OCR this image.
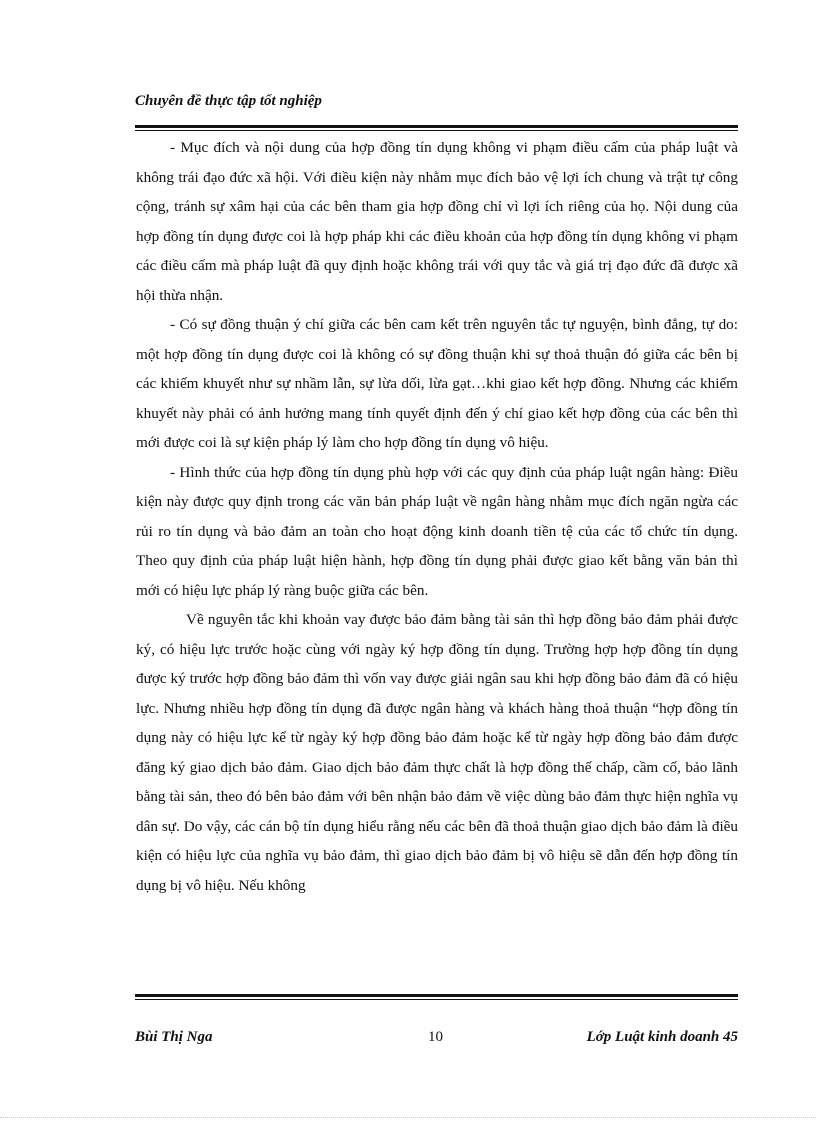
Chuyên đề thực tập tốt nghiệp

- Mục đích và nội dung của hợp đồng tín dụng không vi phạm điều cấm của pháp luật và không trái đạo đức xã hội. Với điều kiện này nhằm mục đích bảo vệ lợi ích chung và trật tự công cộng, tránh sự xâm hại của các bên tham gia hợp đồng chỉ vì lợi ích riêng của họ. Nội dung của hợp đồng tín dụng được coi là hợp pháp khi các điều khoản của hợp đồng tín dụng không vi phạm các điều cấm mà pháp luật đã quy định hoặc không trái với quy tắc và giá trị đạo đức đã được xã hội thừa nhận.

- Có sự đồng thuận ý chí giữa các bên cam kết trên nguyên tắc tự nguyện, bình đẳng, tự do: một hợp đồng tín dụng được coi là không có sự đồng thuận khi sự thoả thuận đó giữa các bên bị các khiếm khuyết như sự nhầm lẫn, sự lừa dối, lừa gạt…khi giao kết hợp đồng. Nhưng các khiếm khuyết này phải có ảnh hưởng mang tính quyết định đến ý chí giao kết hợp đồng của các bên thì mới được coi là sự kiện pháp lý làm cho hợp đồng tín dụng vô hiệu.

- Hình thức của hợp đồng tín dụng phù hợp với các quy định của pháp luật ngân hàng: Điều kiện này được quy định trong các văn bản pháp luật về ngân hàng nhằm mục đích ngăn ngừa các rủi ro tín dụng và bảo đảm an toàn cho hoạt động kinh doanh tiền tệ của các tổ chức tín dụng. Theo quy định của pháp luật hiện hành, hợp đồng tín dụng phải được giao kết bằng văn bản thì mới có hiệu lực pháp lý ràng buộc giữa các bên.

Về nguyên tắc khi khoản vay được bảo đảm bằng tài sản thì hợp đồng bảo đảm phải được ký, có hiệu lực trước hoặc cùng với ngày ký hợp đồng tín dụng. Trường hợp hợp đồng tín dụng được ký trước hợp đồng bảo đảm thì vốn vay được giải ngân sau khi hợp đồng bảo đảm đã có hiệu lực. Nhưng nhiều hợp đồng tín dụng đã được ngân hàng và khách hàng thoả thuận “hợp đồng tín dụng này có hiệu lực kể từ ngày ký hợp đồng bảo đảm hoặc kể từ ngày hợp đồng bảo đảm được đăng ký giao dịch bảo đảm. Giao dịch bảo đảm thực chất là hợp đồng thế chấp, cầm cố, bảo lãnh bằng tài sản, theo đó bên bảo đảm với bên nhận bảo đảm về việc dùng bảo đảm thực hiện nghĩa vụ dân sự. Do vậy, các cán bộ tín dụng hiểu rằng nếu các bên đã thoả thuận giao dịch bảo đảm là điều kiện có hiệu lực của nghĩa vụ bảo đảm, thì giao dịch bảo đảm bị vô hiệu sẽ dẫn đến hợp đồng tín dụng bị vô hiệu. Nếu không

Bùi Thị Nga	10	Lớp Luật kinh doanh 45
